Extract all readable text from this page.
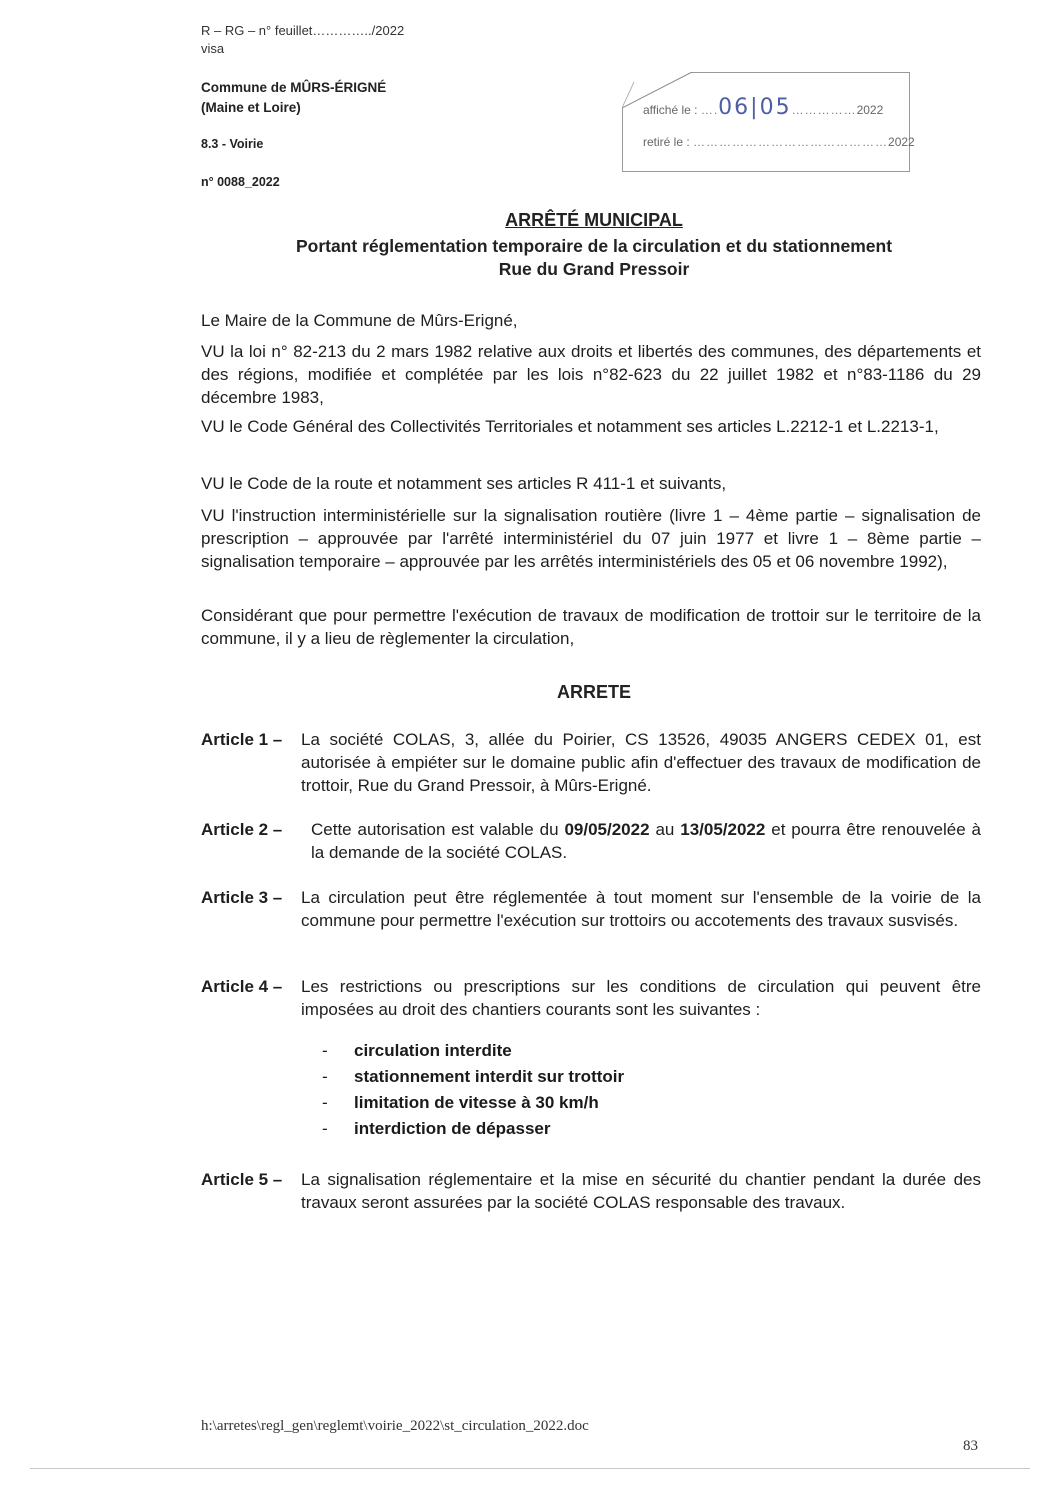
R – RG – n° feuillet…………../2022
visa
Commune de MÛRS-ÉRIGNÉ
(Maine et Loire)
8.3 - Voirie
n° 0088_2022
affiché le : ….06|05……………2022
retiré le : ………………………………………2022
ARRÊTÉ MUNICIPAL
Portant réglementation temporaire de la circulation et du stationnement
Rue du Grand Pressoir
Le Maire de la Commune de Mûrs-Erigné,
VU la loi n° 82-213 du 2 mars 1982 relative aux droits et libertés des communes, des départements et des régions, modifiée et complétée par les lois n°82-623 du 22 juillet 1982 et n°83-1186 du 29 décembre 1983,
VU le Code Général des Collectivités Territoriales et notamment ses articles L.2212-1 et L.2213-1,
VU le Code de la route et notamment ses articles R 411-1 et suivants,
VU l'instruction interministérielle sur la signalisation routière (livre 1 – 4ème partie – signalisation de prescription – approuvée par l'arrêté interministériel du 07 juin 1977 et livre 1 – 8ème partie – signalisation temporaire – approuvée par les arrêtés interministériels des 05 et 06 novembre 1992),
Considérant que pour permettre l'exécution de travaux de modification de trottoir sur le territoire de la commune, il y a lieu de règlementer la circulation,
ARRETE
Article 1 –	La société COLAS, 3, allée du Poirier, CS 13526, 49035 ANGERS CEDEX 01, est autorisée à empiéter sur le domaine public afin d'effectuer des travaux de modification de trottoir, Rue du Grand Pressoir, à Mûrs-Erigné.
Article 2 –	Cette autorisation est valable du 09/05/2022 au 13/05/2022 et pourra être renouvelée à la demande de la société COLAS.
Article 3 –	La circulation peut être réglementée à tout moment sur l'ensemble de la voirie de la commune pour permettre l'exécution sur trottoirs ou accotements des travaux susvisés.
Article 4 –	Les restrictions ou prescriptions sur les conditions de circulation qui peuvent être imposées au droit des chantiers courants sont les suivantes :
- circulation interdite
- stationnement interdit sur trottoir
- limitation de vitesse à 30 km/h
- interdiction de dépasser
Article 5 –	La signalisation réglementaire et la mise en sécurité du chantier pendant la durée des travaux seront assurées par la société COLAS responsable des travaux.
h:\arretes\regl_gen\reglemt\voirie_2022\st_circulation_2022.doc
83
